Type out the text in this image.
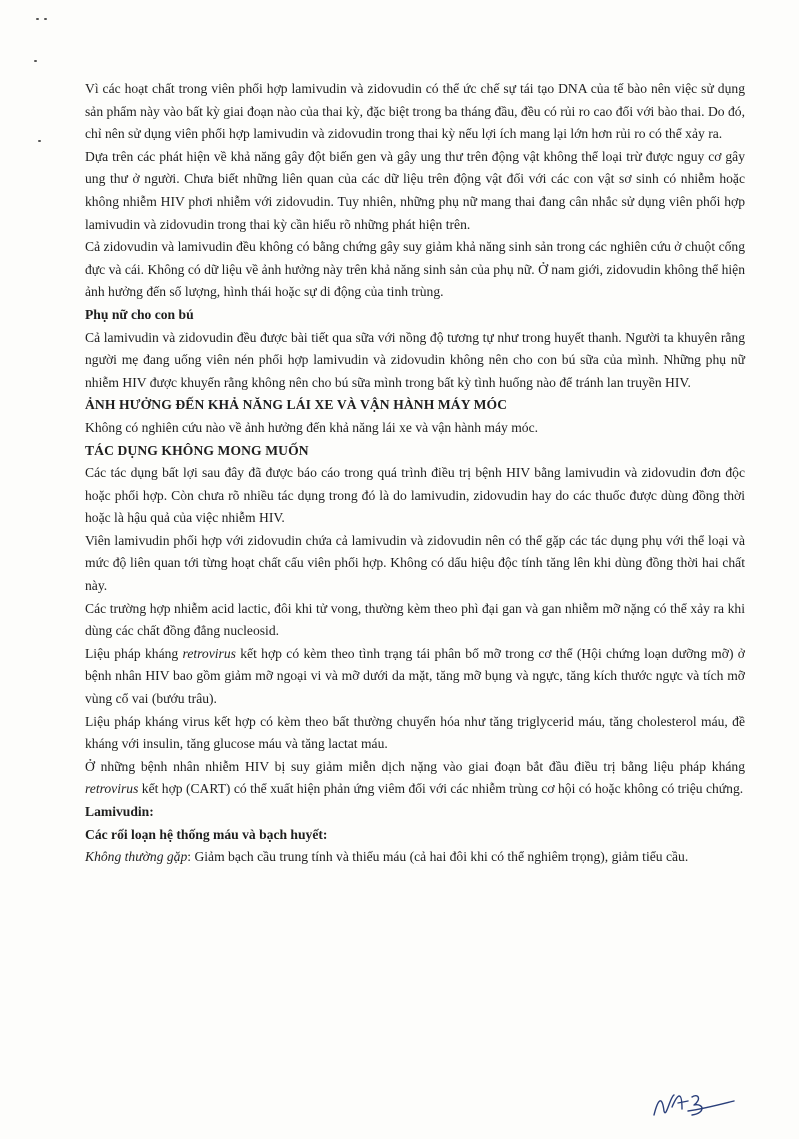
Vì các hoạt chất trong viên phối hợp lamivudin và zidovudin có thể ức chế sự tái tạo DNA của tế bào nên việc sử dụng sản phẩm này vào bất kỳ giai đoạn nào của thai kỳ, đặc biệt trong ba tháng đầu, đều có rủi ro cao đối với bào thai. Do đó, chỉ nên sử dụng viên phối hợp lamivudin và zidovudin trong thai kỳ nếu lợi ích mang lại lớn hơn rủi ro có thể xảy ra.

Dựa trên các phát hiện về khả năng gây đột biến gen và gây ung thư trên động vật không thể loại trừ được nguy cơ gây ung thư ở người. Chưa biết những liên quan của các dữ liệu trên động vật đối với các con vật sơ sinh có nhiễm hoặc không nhiễm HIV phơi nhiễm với zidovudin. Tuy nhiên, những phụ nữ mang thai đang cân nhắc sử dụng viên phối hợp lamivudin và zidovudin trong thai kỳ cần hiểu rõ những phát hiện trên.

Cả zidovudin và lamivudin đều không có bằng chứng gây suy giảm khả năng sinh sản trong các nghiên cứu ở chuột cống đực và cái. Không có dữ liệu về ảnh hưởng này trên khả năng sinh sản của phụ nữ. Ở nam giới, zidovudin không thể hiện ảnh hưởng đến số lượng, hình thái hoặc sự di động của tinh trùng.

Phụ nữ cho con bú

Cả lamivudin và zidovudin đều được bài tiết qua sữa với nồng độ tương tự như trong huyết thanh. Người ta khuyên rằng người mẹ đang uống viên nén phối hợp lamivudin và zidovudin không nên cho con bú sữa của mình. Những phụ nữ nhiễm HIV được khuyến rằng không nên cho bú sữa mình trong bất kỳ tình huống nào để tránh lan truyền HIV.

ẢNH HƯỞNG ĐẾN KHẢ NĂNG LÁI XE VÀ VẬN HÀNH MÁY MÓC

Không có nghiên cứu nào về ảnh hưởng đến khả năng lái xe và vận hành máy móc.

TÁC DỤNG KHÔNG MONG MUỐN

Các tác dụng bất lợi sau đây đã được báo cáo trong quá trình điều trị bệnh HIV bằng lamivudin và zidovudin đơn độc hoặc phối hợp. Còn chưa rõ nhiều tác dụng trong đó là do lamivudin, zidovudin hay do các thuốc được dùng đồng thời hoặc là hậu quả của việc nhiễm HIV.

Viên lamivudin phối hợp với zidovudin chứa cả lamivudin và zidovudin nên có thể gặp các tác dụng phụ với thể loại và mức độ liên quan tới từng hoạt chất cấu viên phối hợp. Không có dấu hiệu độc tính tăng lên khi dùng đồng thời hai chất này.

Các trường hợp nhiễm acid lactic, đôi khi tử vong, thường kèm theo phì đại gan và gan nhiễm mỡ nặng có thể xảy ra khi dùng các chất đồng đẳng nucleosid.

Liệu pháp kháng retrovirus kết hợp có kèm theo tình trạng tái phân bố mỡ trong cơ thể (Hội chứng loạn dưỡng mỡ) ở bệnh nhân HIV bao gồm giảm mỡ ngoại vi và mỡ dưới da mặt, tăng mỡ bụng và ngực, tăng kích thước ngực và tích mỡ vùng cổ vai (bướu trâu).

Liệu pháp kháng virus kết hợp có kèm theo bất thường chuyển hóa như tăng triglycerid máu, tăng cholesterol máu, đề kháng với insulin, tăng glucose máu và tăng lactat máu.

Ở những bệnh nhân nhiễm HIV bị suy giảm miễn dịch nặng vào giai đoạn bắt đầu điều trị bằng liệu pháp kháng retrovirus kết hợp (CART) có thể xuất hiện phản ứng viêm đối với các nhiễm trùng cơ hội có hoặc không có triệu chứng.

Lamivudin:
Các rối loạn hệ thống máu và bạch huyết:

Không thường gặp: Giảm bạch cầu trung tính và thiếu máu (cả hai đôi khi có thể nghiêm trọng), giảm tiểu cầu.
